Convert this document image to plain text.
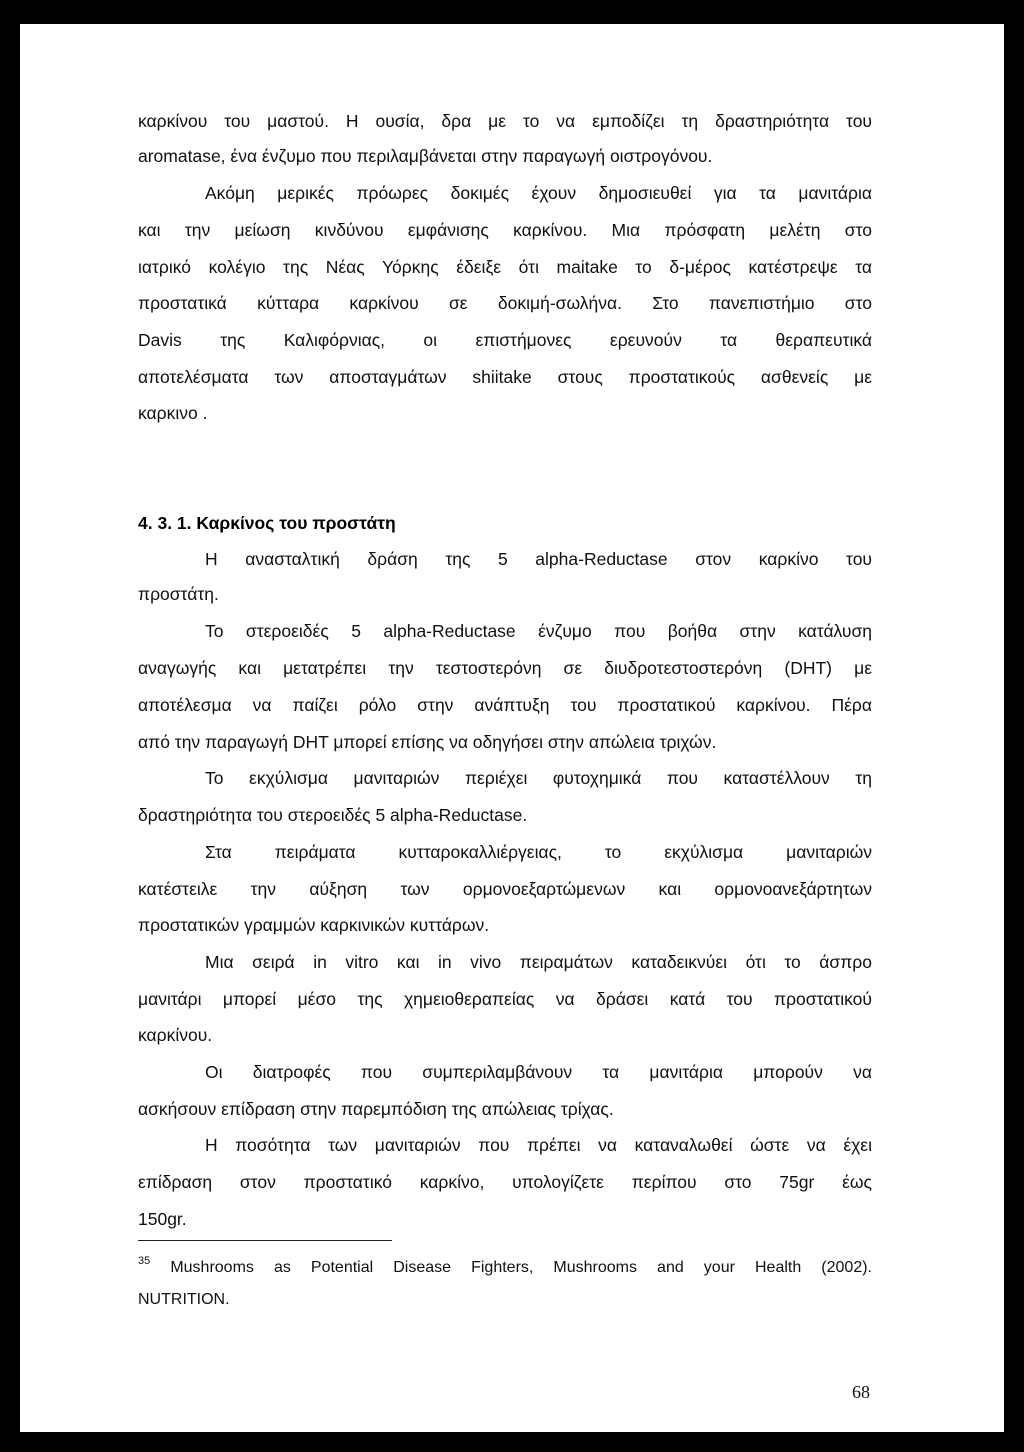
καρκίνου του μαστού. Η ουσία, δρα με το να εμποδίζει τη δραστηριότητα του
aromatase, ένα ένζυμο που περιλαμβάνεται στην παραγωγή οιστρογόνου.
Ακόμη μερικές πρόωρες δοκιμές έχουν δημοσιευθεί για τα μανιτάρια
και την μείωση κινδύνου εμφάνισης καρκίνου. Μια πρόσφατη μελέτη στο
ιατρικό κολέγιο της Νέας Υόρκης έδειξε ότι maitake το δ-μέρος κατέστρεψε τα
προστατικά κύτταρα καρκίνου σε δοκιμή-σωλήνα. Στο πανεπιστήμιο στο
Davis της Καλιφόρνιας, οι επιστήμονες ερευνούν τα θεραπευτικά
αποτελέσματα των αποσταγμάτων shiitake στους προστατικούς ασθενείς με
καρκινο .
4. 3. 1. Καρκίνος του προστάτη
Η ανασταλτική δράση της 5 alpha-Reductase στον καρκίνο του
προστάτη.
Το στεροειδές 5 alpha-Reductase ένζυμο που βοήθα στην κατάλυση
αναγωγής και μετατρέπει την τεστοστερόνη σε διυδροτεστοστερόνη (DHT) με
αποτέλεσμα να παίζει ρόλο στην ανάπτυξη του προστατικού καρκίνου. Πέρα
από την παραγωγή DHT μπορεί επίσης να οδηγήσει στην απώλεια τριχών.
Το εκχύλισμα μανιταριών περιέχει φυτοχημικά που καταστέλλουν τη
δραστηριότητα του στεροειδές 5 alpha-Reductase.
Στα πειράματα κυτταροκαλλιέργειας, το εκχύλισμα μανιταριών
κατέστειλε την αύξηση των ορμονοεξαρτώμενων και ορμονοανεξάρτητων
προστατικών γραμμών καρκινικών κυττάρων.
Μια σειρά in vitro και in vivo πειραμάτων καταδεικνύει ότι το άσπρο
μανιτάρι μπορεί μέσο της χημειοθεραπείας να δράσει κατά του προστατικού
καρκίνου.
Οι διατροφές που συμπεριλαμβάνουν τα μανιτάρια μπορούν να
ασκήσουν επίδραση στην παρεμπόδιση της απώλειας τρίχας.
Η ποσότητα των μανιταριών που πρέπει να καταναλωθεί ώστε να έχει
επίδραση στον προστατικό καρκίνο, υπολογίζετε περίπου στο 75gr έως
150gr.
$^{35}$ Mushrooms as Potential Disease Fighters, Mushrooms and your Health (2002).
NUTRITION.
68
